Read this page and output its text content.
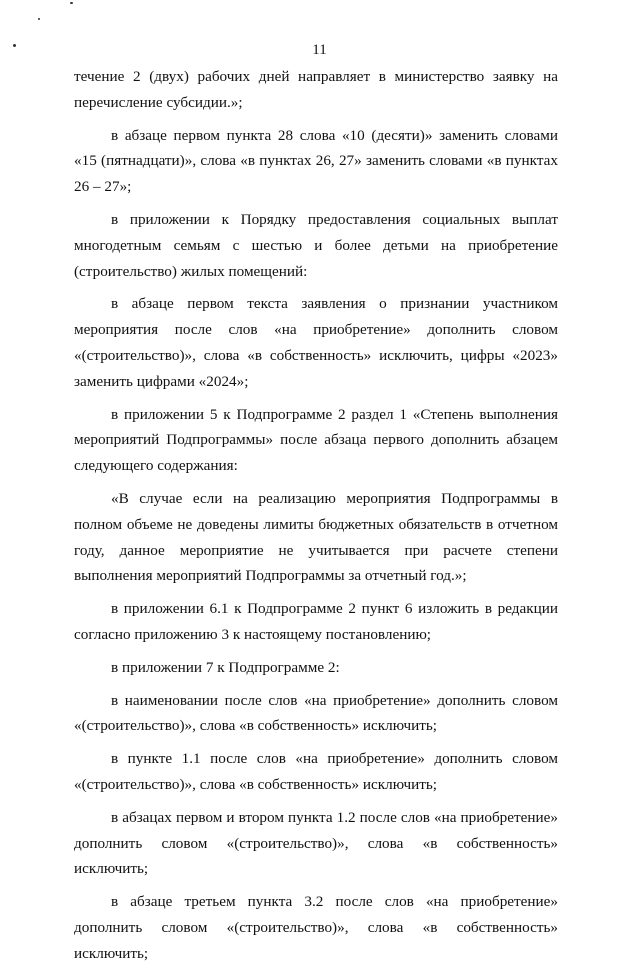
11

течение 2 (двух) рабочих дней направляет в министерство заявку на перечисление субсидии.»;

в абзаце первом пункта 28 слова «10 (десяти)» заменить словами «15 (пятнадцати)», слова «в пунктах 26, 27» заменить словами «в пунктах 26 – 27»;

в приложении к Порядку предоставления социальных выплат многодетным семьям с шестью и более детьми на приобретение (строительство) жилых помещений:

в абзаце первом текста заявления о признании участником мероприятия после слов «на приобретение» дополнить словом «(строительство)», слова «в собственность» исключить, цифры «2023» заменить цифрами «2024»;

в приложении 5 к Подпрограмме 2 раздел 1 «Степень выполнения мероприятий Подпрограммы» после абзаца первого дополнить абзацем следующего содержания:

«В случае если на реализацию мероприятия Подпрограммы в полном объеме не доведены лимиты бюджетных обязательств в отчетном году, данное мероприятие не учитывается при расчете степени выполнения мероприятий Подпрограммы за отчетный год.»;

в приложении 6.1 к Подпрограмме 2 пункт 6 изложить в редакции согласно приложению 3 к настоящему постановлению;

в приложении 7 к Подпрограмме 2:

в наименовании после слов «на приобретение» дополнить словом «(строительство)», слова «в собственность» исключить;

в пункте 1.1 после слов «на приобретение» дополнить словом «(строительство)», слова «в собственность» исключить;

в абзацах первом и втором пункта 1.2 после слов «на приобретение» дополнить словом «(строительство)», слова «в собственность» исключить;

в абзаце третьем пункта 3.2 после слов «на приобретение» дополнить словом «(строительство)», слова «в собственность» исключить;
